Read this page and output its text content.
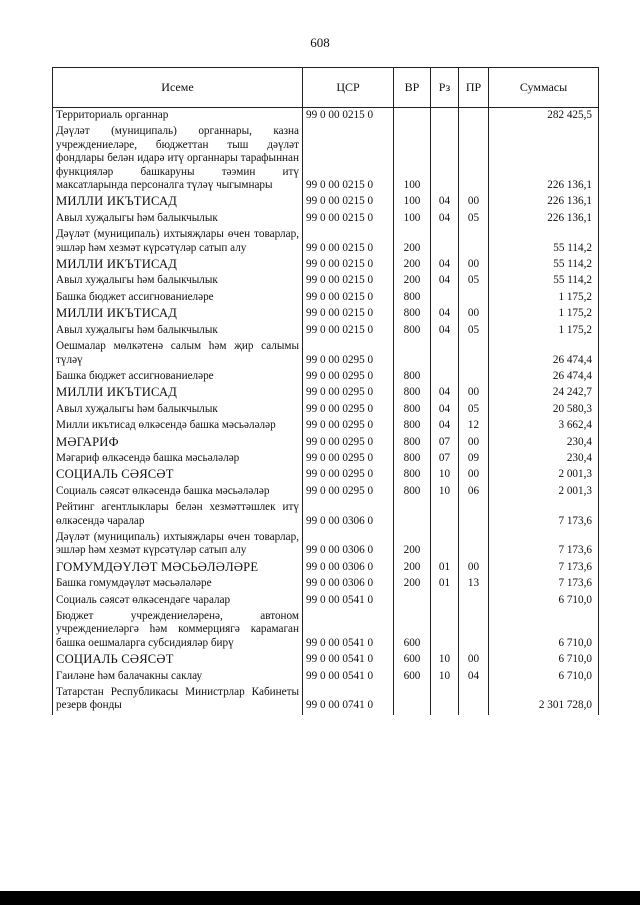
608
Исеме	ЦСР	ВР	Рз	ПР	Суммасы
Территориаль органнар	99 0 00 0215 0				282 425,5
Дәүләт (муниципаль) органнары, казна учреждениеләре, бюджеттан тыш дәүләт фондлары белән идарә итү органнары тарафыннан функцияләр башкаруны тәэмин итү максатларында персоналга түләү чыгымнары	99 0 00 0215 0	100			226 136,1
МИЛЛИ ИКЪТИСАД	99 0 00 0215 0	100	04	00	226 136,1
Авыл хуҗалыгы һәм балыкчылык	99 0 00 0215 0	100	04	05	226 136,1
Дәүләт (муниципаль) ихтыяҗлары өчен товарлар, эшләр һәм хезмәт күрсәтүләр сатып алу	99 0 00 0215 0	200			55 114,2
МИЛЛИ ИКЪТИСАД	99 0 00 0215 0	200	04	00	55 114,2
Авыл хуҗалыгы һәм балыкчылык	99 0 00 0215 0	200	04	05	55 114,2
Башка бюджет ассигнованиеләре	99 0 00 0215 0	800			1 175,2
МИЛЛИ ИКЪТИСАД	99 0 00 0215 0	800	04	00	1 175,2
Авыл хуҗалыгы һәм балыкчылык	99 0 00 0215 0	800	04	05	1 175,2
Оешмалар мөлкәтенә салым һәм җир салымы түләү	99 0 00 0295 0				26 474,4
Башка бюджет ассигнованиеләре	99 0 00 0295 0	800			26 474,4
МИЛЛИ ИКЪТИСАД	99 0 00 0295 0	800	04	00	24 242,7
Авыл хуҗалыгы һәм балыкчылык	99 0 00 0295 0	800	04	05	20 580,3
Милли икътисад өлкәсендә башка мәсьәләләр	99 0 00 0295 0	800	04	12	3 662,4
МӘГАРИФ	99 0 00 0295 0	800	07	00	230,4
Мәгариф өлкәсендә башка мәсьәләләр	99 0 00 0295 0	800	07	09	230,4
СОЦИАЛЬ СӘЯСӘТ	99 0 00 0295 0	800	10	00	2 001,3
Социаль сәясәт өлкәсендә башка мәсьәләләр	99 0 00 0295 0	800	10	06	2 001,3
Рейтинг агентлыклары белән хезмәттәшлек итү өлкәсендә чаралар	99 0 00 0306 0				7 173,6
Дәүләт (муниципаль) ихтыяҗлары өчен товарлар, эшләр һәм хезмәт күрсәтүләр сатып алу	99 0 00 0306 0	200			7 173,6
ГОМУМДӘҮЛӘТ МӘСЬӘЛӘЛӘРЕ	99 0 00 0306 0	200	01	00	7 173,6
Башка гомумдәүләт мәсьәләләре	99 0 00 0306 0	200	01	13	7 173,6
Социаль сәясәт өлкәсендәге чаралар	99 0 00 0541 0				6 710,0
Бюджет учреждениеләренә, автоном учреждениеләргә һәм коммерциягә карамаган башка оешмаларга субсидияләр бирү	99 0 00 0541 0	600			6 710,0
СОЦИАЛЬ СӘЯСӘТ	99 0 00 0541 0	600	10	00	6 710,0
Гаиләне һәм балачакны саклау	99 0 00 0541 0	600	10	04	6 710,0
Татарстан Республикасы Министрлар Кабинеты резерв фонды	99 0 00 0741 0				2 301 728,0
